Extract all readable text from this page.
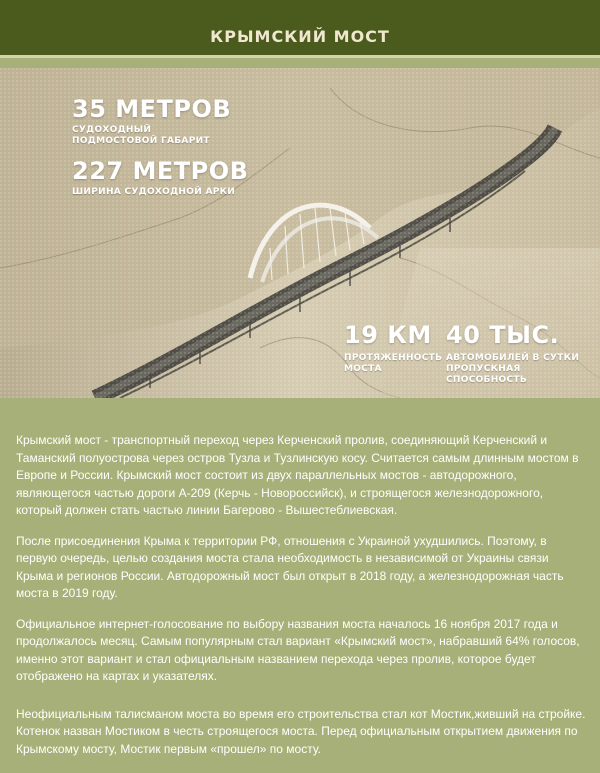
КРЫМСКИЙ МОСТ
35 МЕТРОВ
СУДОХОДНЫЙ ПОДМОСТОВОЙ ГАБАРИТ
227 МЕТРОВ
ШИРИНА СУДОХОДНОЙ АРКИ
19 КМ
ПРОТЯЖЕННОСТЬ МОСТА
40 ТЫС.
АВТОМОБИЛЕЙ В СУТКИ ПРОПУСКНАЯ СПОСОБНОСТЬ

Крымский мост - транспортный переход через Керченский пролив, соединяющий Керченский и Таманский полуострова через остров Тузла и Тузлинскую косу. Считается самым длинным мостом в Европе и России. Крымский мост состоит из двух параллельных мостов - автодорожного, являющегося частью дороги А-209 (Керчь - Новороссийск), и строящегося железнодорожного, который должен стать частью линии Багерово - Вышестеблиевская.

После присоединения Крыма к территории РФ, отношения с Украиной ухудшились. Поэтому, в первую очередь, целью создания моста стала необходимость в независимой от Украины связи Крыма и регионов России. Автодорожный мост был открыт в 2018 году, а железнодорожная часть моста в 2019 году.

Официальное интернет-голосование по выбору названия моста началось 16 ноября 2017 года и продолжалось месяц. Самым популярным стал вариант «Крымский мост», набравший 64% голосов, именно этот вариант и стал официальным названием перехода через пролив, которое будет отображено на картах и указателях.

Неофициальным талисманом моста во время его строительства стал кот Мостик,живший на стройке. Котенок назван Мостиком в честь строящегося моста. Перед официальным открытием движения по Крымскому мосту, Мостик первым «прошел» по мосту.
